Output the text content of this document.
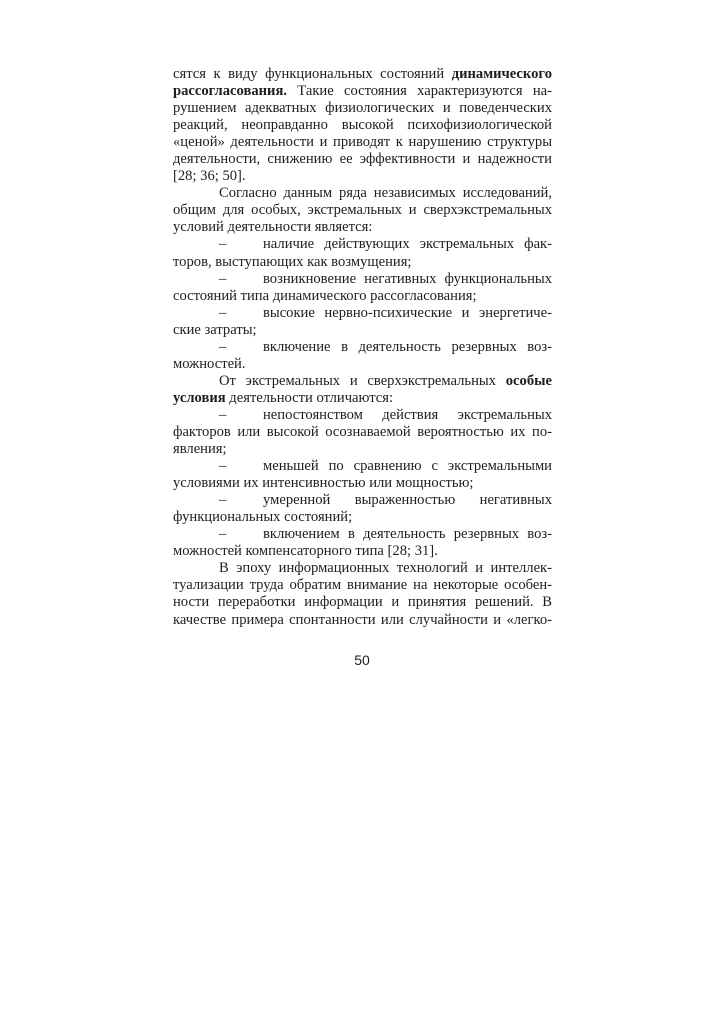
сятся к виду функциональных состояний динамического
рассогласования. Такие состояния характеризуются на-
рушением адекватных физиологических и поведенческих
реакций, неоправданно высокой психофизиологической
«ценой» деятельности и приводят к нарушению структуры
деятельности, снижению ее эффективности и надежности
[28; 36; 50].
Согласно данным ряда независимых исследований,
общим для особых, экстремальных и сверхэкстремальных
условий деятельности является:
–	наличие действующих экстремальных фак-
торов, выступающих как возмущения;
–	возникновение негативных функциональных
состояний типа динамического рассогласования;
–	высокие нервно-психические и энергетиче-
ские затраты;
–	включение в деятельность резервных воз-
можностей.
От экстремальных и сверхэкстремальных особые
условия деятельности отличаются:
–	непостоянством действия экстремальных
факторов или высокой осознаваемой вероятностью их по-
явления;
–	меньшей по сравнению с экстремальными
условиями их интенсивностью или мощностью;
–	умеренной выраженностью негативных
функциональных состояний;
–	включением в деятельность резервных воз-
можностей компенсаторного типа [28; 31].
В эпоху информационных технологий и интеллек-
туализации труда обратим внимание на некоторые особен-
ности переработки информации и принятия решений. В
качестве примера спонтанности или случайности и «легко-
50
